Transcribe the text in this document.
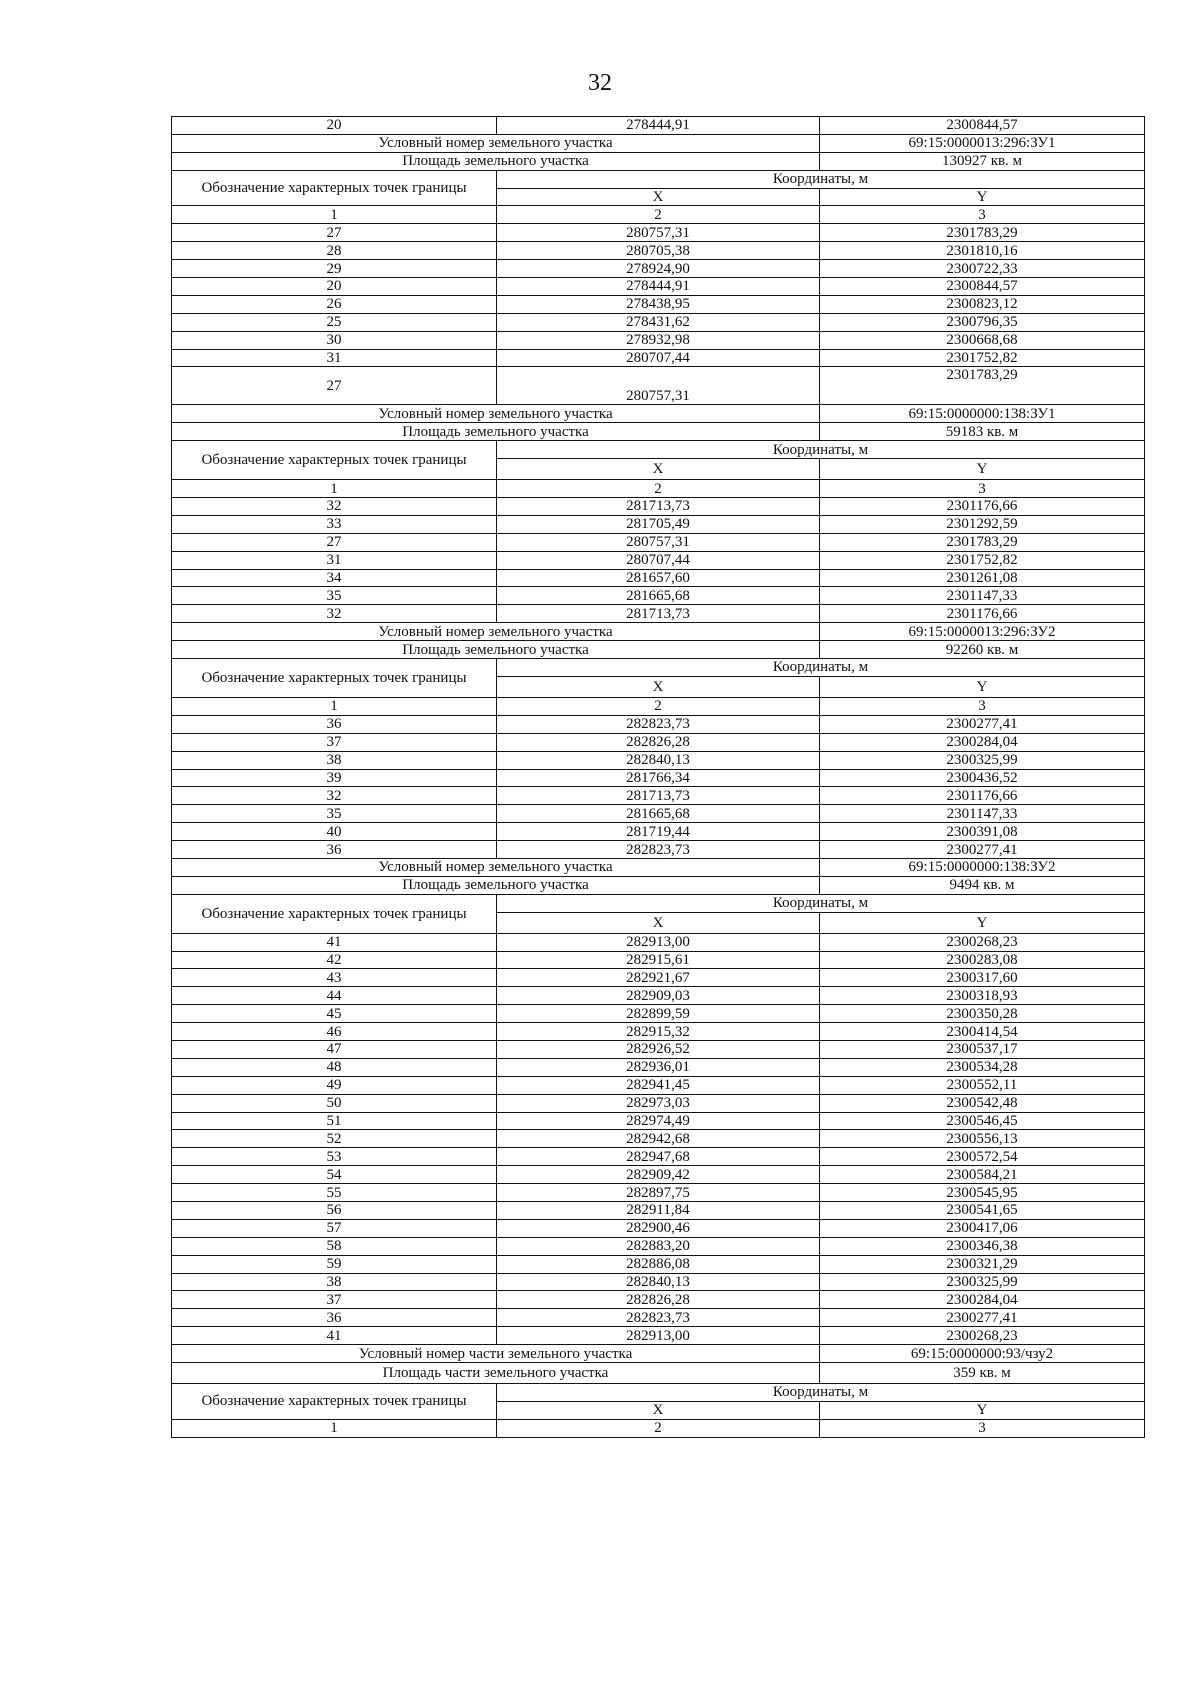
32
20	278444,91	2300844,57
Условный номер земельного участка		69:15:0000013:296:ЗУ1
Площадь земельного участка		130927 кв. м
Обозначение характерных точек границы	Координаты, м	
	X	Y
1	2	3
27	280757,31	2301783,29
28	280705,38	2301810,16
29	278924,90	2300722,33
20	278444,91	2300844,57
26	278438,95	2300823,12
25	278431,62	2300796,35
30	278932,98	2300668,68
31	280707,44	2301752,82
27	280757,31	2301783,29
Условный номер земельного участка		69:15:0000000:138:ЗУ1
Площадь земельного участка		59183 кв. м
Обозначение характерных точек границы	Координаты, м	
	X	Y
1	2	3
32	281713,73	2301176,66
33	281705,49	2301292,59
27	280757,31	2301783,29
31	280707,44	2301752,82
34	281657,60	2301261,08
35	281665,68	2301147,33
32	281713,73	2301176,66
Условный номер земельного участка		69:15:0000013:296:ЗУ2
Площадь земельного участка		92260 кв. м
Обозначение характерных точек границы	Координаты, м	
	X	Y
1	2	3
36	282823,73	2300277,41
37	282826,28	2300284,04
38	282840,13	2300325,99
39	281766,34	2300436,52
32	281713,73	2301176,66
35	281665,68	2301147,33
40	281719,44	2300391,08
36	282823,73	2300277,41
Условный номер земельного участка		69:15:0000000:138:ЗУ2
Площадь земельного участка		9494 кв. м
Обозначение характерных точек границы	Координаты, м	
	X	Y
41	282913,00	2300268,23
42	282915,61	2300283,08
43	282921,67	2300317,60
44	282909,03	2300318,93
45	282899,59	2300350,28
46	282915,32	2300414,54
47	282926,52	2300537,17
48	282936,01	2300534,28
49	282941,45	2300552,11
50	282973,03	2300542,48
51	282974,49	2300546,45
52	282942,68	2300556,13
53	282947,68	2300572,54
54	282909,42	2300584,21
55	282897,75	2300545,95
56	282911,84	2300541,65
57	282900,46	2300417,06
58	282883,20	2300346,38
59	282886,08	2300321,29
38	282840,13	2300325,99
37	282826,28	2300284,04
36	282823,73	2300277,41
41	282913,00	2300268,23
Условный номер части земельного участка		69:15:0000000:93/чзу2
Площадь части земельного участка		359 кв. м
Обозначение характерных точек границы	Координаты, м	
	X	Y
1	2	3
